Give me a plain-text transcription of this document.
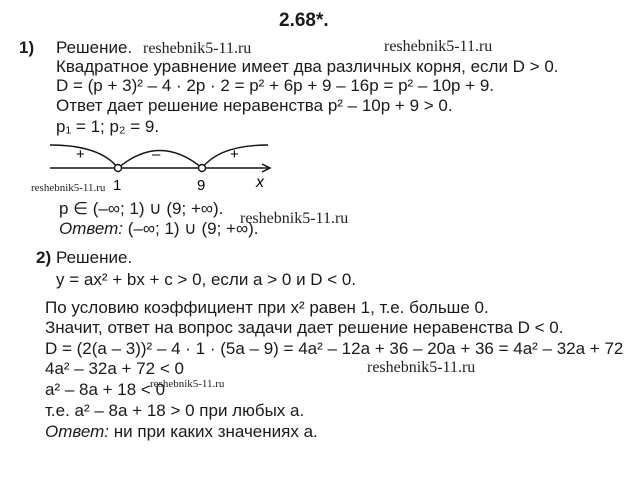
2.68*.
1) Решение.
Квадратное уравнение имеет два различных корня, если D > 0.
D = (p + 3)² – 4 · 2p · 2 = p² + 6p + 9 – 16p = p² – 10p + 9.
Ответ дает решение неравенства p² – 10p + 9 > 0.
p₁ = 1; p₂ = 9.
+	–	+
1	9	x
p ∈ (–∞; 1) ∪ (9; +∞).
Ответ: (–∞; 1) ∪ (9; +∞).
2) Решение.
y = ax² + bx + c > 0, если a > 0 и D < 0.
По условию коэффициент при x² равен 1, т.е. больше 0.
Значит, ответ на вопрос задачи дает решение неравенства D < 0.
D = (2(a – 3))² – 4 · 1 · (5a – 9) = 4a² – 12a + 36 – 20a + 36 = 4a² – 32a + 72
4a² – 32a + 72 < 0
a² – 8a + 18 < 0
т.е. a² – 8a + 18 > 0 при любых a.
Ответ: ни при каких значениях a.
reshebnik5-11.ru	reshebnik5-11.ru
reshebnik5-11.ru
reshebnik5-11.ru
reshebnik5-11.ru
reshebnik5-11.ru
